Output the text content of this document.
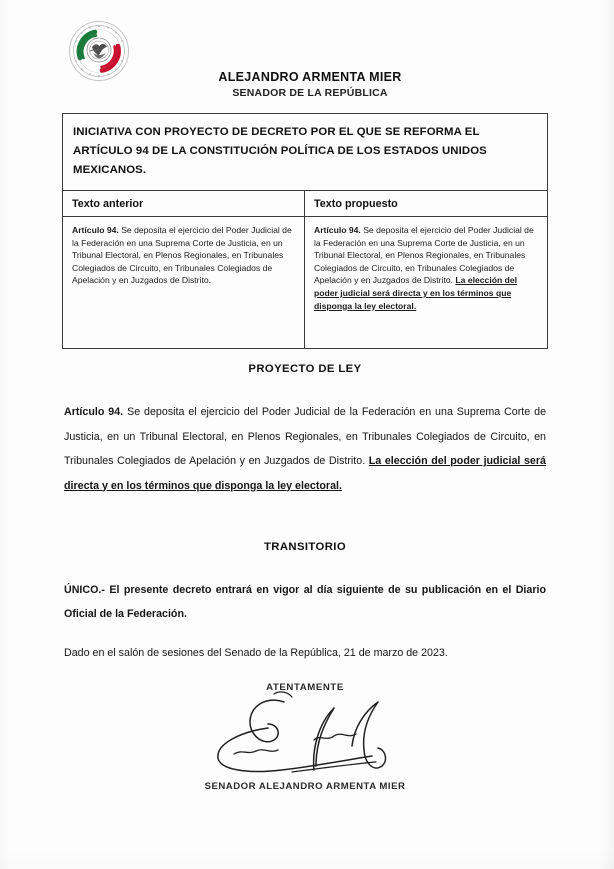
ALEJANDRO ARMENTA MIER
SENADOR DE LA REPÚBLICA
INICIATIVA CON PROYECTO DE DECRETO POR EL QUE SE REFORMA EL ARTÍCULO 94 DE LA CONSTITUCIÓN POLÍTICA DE LOS ESTADOS UNIDOS MEXICANOS.
Texto anterior
Artículo 94. Se deposita el ejercicio del Poder Judicial de la Federación en una Suprema Corte de Justicia, en un Tribunal Electoral, en Plenos Regionales, en Tribunales Colegiados de Circuito, en Tribunales Colegiados de Apelación y en Juzgados de Distrito.
Texto propuesto
Artículo 94. Se deposita el ejercicio del Poder Judicial de la Federación en una Suprema Corte de Justicia, en un Tribunal Electoral, en Plenos Regionales, en Tribunales Colegiados de Circuito, en Tribunales Colegiados de Apelación y en Juzgados de Distrito. La elección del poder judicial será directa y en los términos que disponga la ley electoral.
PROYECTO DE LEY
Artículo 94. Se deposita el ejercicio del Poder Judicial de la Federación en una Suprema Corte de Justicia, en un Tribunal Electoral, en Plenos Regionales, en Tribunales Colegiados de Circuito, en Tribunales Colegiados de Apelación y en Juzgados de Distrito. La elección del poder judicial será directa y en los términos que disponga la ley electoral.
TRANSITORIO
ÚNICO.- El presente decreto entrará en vigor al día siguiente de su publicación en el Diario Oficial de la Federación.
Dado en el salón de sesiones del Senado de la República, 21 de marzo de 2023.
ATENTAMENTE
SENADOR ALEJANDRO ARMENTA MIER
